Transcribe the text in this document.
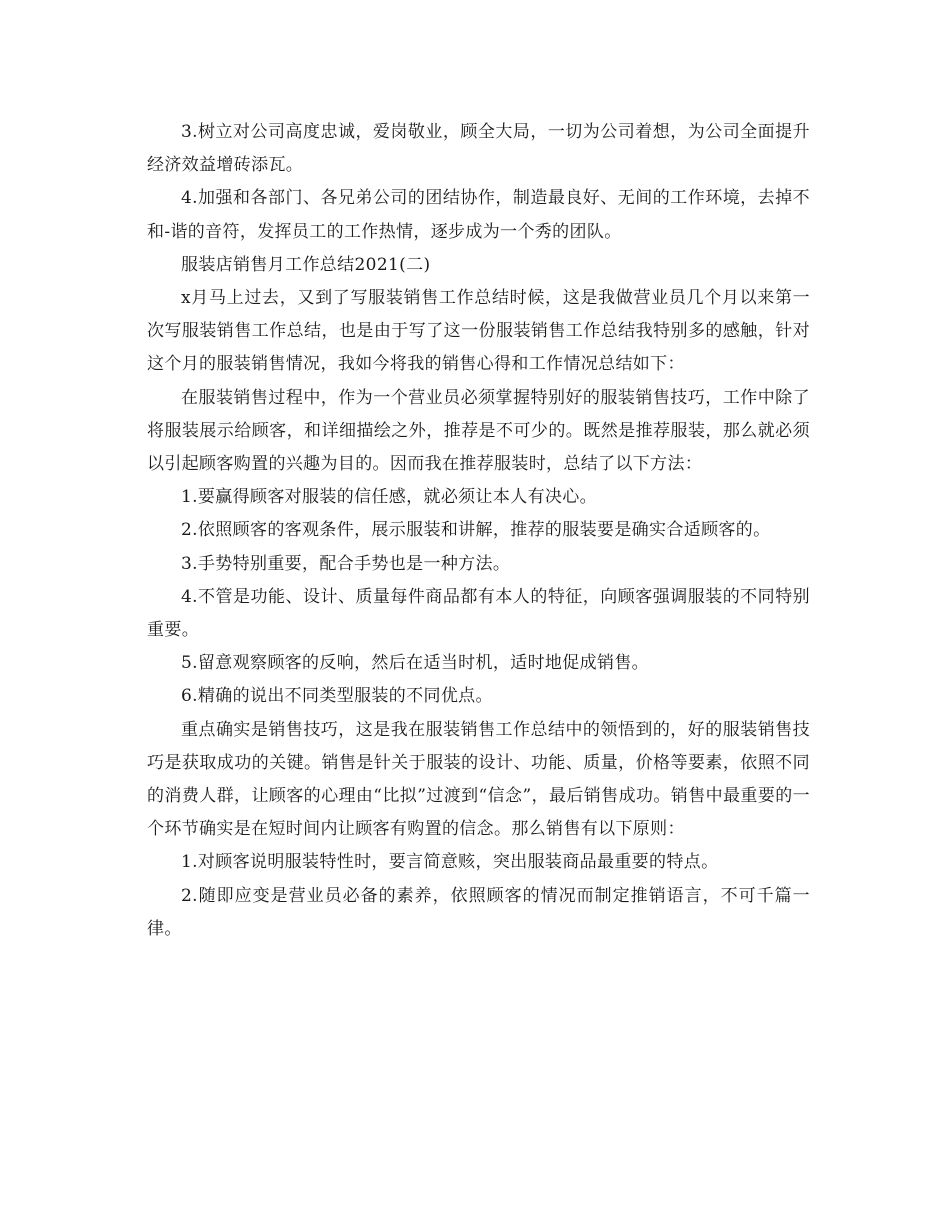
3.树立对公司高度忠诚，爱岗敬业，顾全大局，一切为公司着想，为公司全面提升经济效益增砖添瓦。

4.加强和各部门、各兄弟公司的团结协作，制造最良好、无间的工作环境，去掉不和-谐的音符，发挥员工的工作热情，逐步成为一个秀的团队。

服装店销售月工作总结2021(二)

x月马上过去，又到了写服装销售工作总结时候，这是我做营业员几个月以来第一次写服装销售工作总结，也是由于写了这一份服装销售工作总结我特别多的感触，针对这个月的服装销售情况，我如今将我的销售心得和工作情况总结如下：

在服装销售过程中，作为一个营业员必须掌握特别好的服装销售技巧，工作中除了将服装展示给顾客，和详细描绘之外，推荐是不可少的。既然是推荐服装，那么就必须以引起顾客购置的兴趣为目的。因而我在推荐服装时，总结了以下方法：

1.要赢得顾客对服装的信任感，就必须让本人有决心。

2.依照顾客的客观条件，展示服装和讲解，推荐的服装要是确实合适顾客的。

3.手势特别重要，配合手势也是一种方法。

4.不管是功能、设计、质量每件商品都有本人的特征，向顾客强调服装的不同特别重要。

5.留意观察顾客的反响，然后在适当时机，适时地促成销售。

6.精确的说出不同类型服装的不同优点。

重点确实是销售技巧，这是我在服装销售工作总结中的领悟到的，好的服装销售技巧是获取成功的关键。销售是针关于服装的设计、功能、质量，价格等要素，依照不同的消费人群，让顾客的心理由“比拟”过渡到“信念”，最后销售成功。销售中最重要的一个环节确实是在短时间内让顾客有购置的信念。那么销售有以下原则：

1.对顾客说明服装特性时，要言简意赅，突出服装商品最重要的特点。

2.随即应变是营业员必备的素养，依照顾客的情况而制定推销语言，不可千篇一律。
